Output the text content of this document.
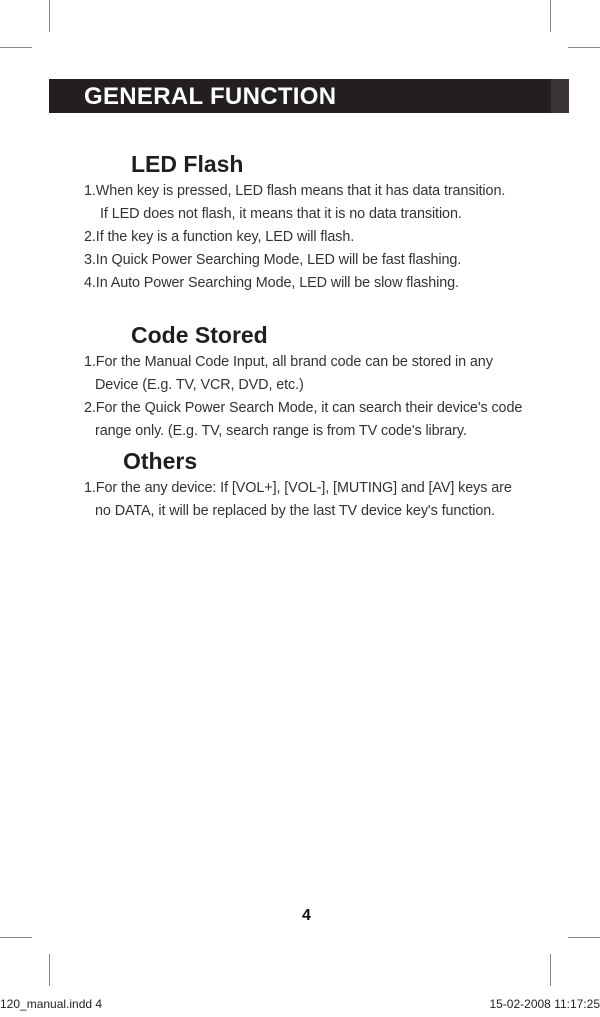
GENERAL FUNCTION
LED Flash
1.When key is pressed, LED flash means that it has data transition.
If LED does not flash, it means that it is no data transition.
2.If the key is a function key, LED will flash.
3.In Quick Power Searching Mode, LED will be fast flashing.
4.In Auto Power Searching Mode, LED will be slow flashing.
Code Stored
1.For the Manual Code Input, all brand code can be stored in any
Device (E.g. TV, VCR, DVD, etc.)
2.For the Quick Power Search Mode, it can search their device's code
range only. (E.g. TV, search range is from TV code's library.
Others
1.For the any device: If [VOL+], [VOL-], [MUTING] and [AV] keys are
no DATA, it will be replaced by the last TV device key's function.
4
120_manual.indd 4	15-02-2008 11:17:25
